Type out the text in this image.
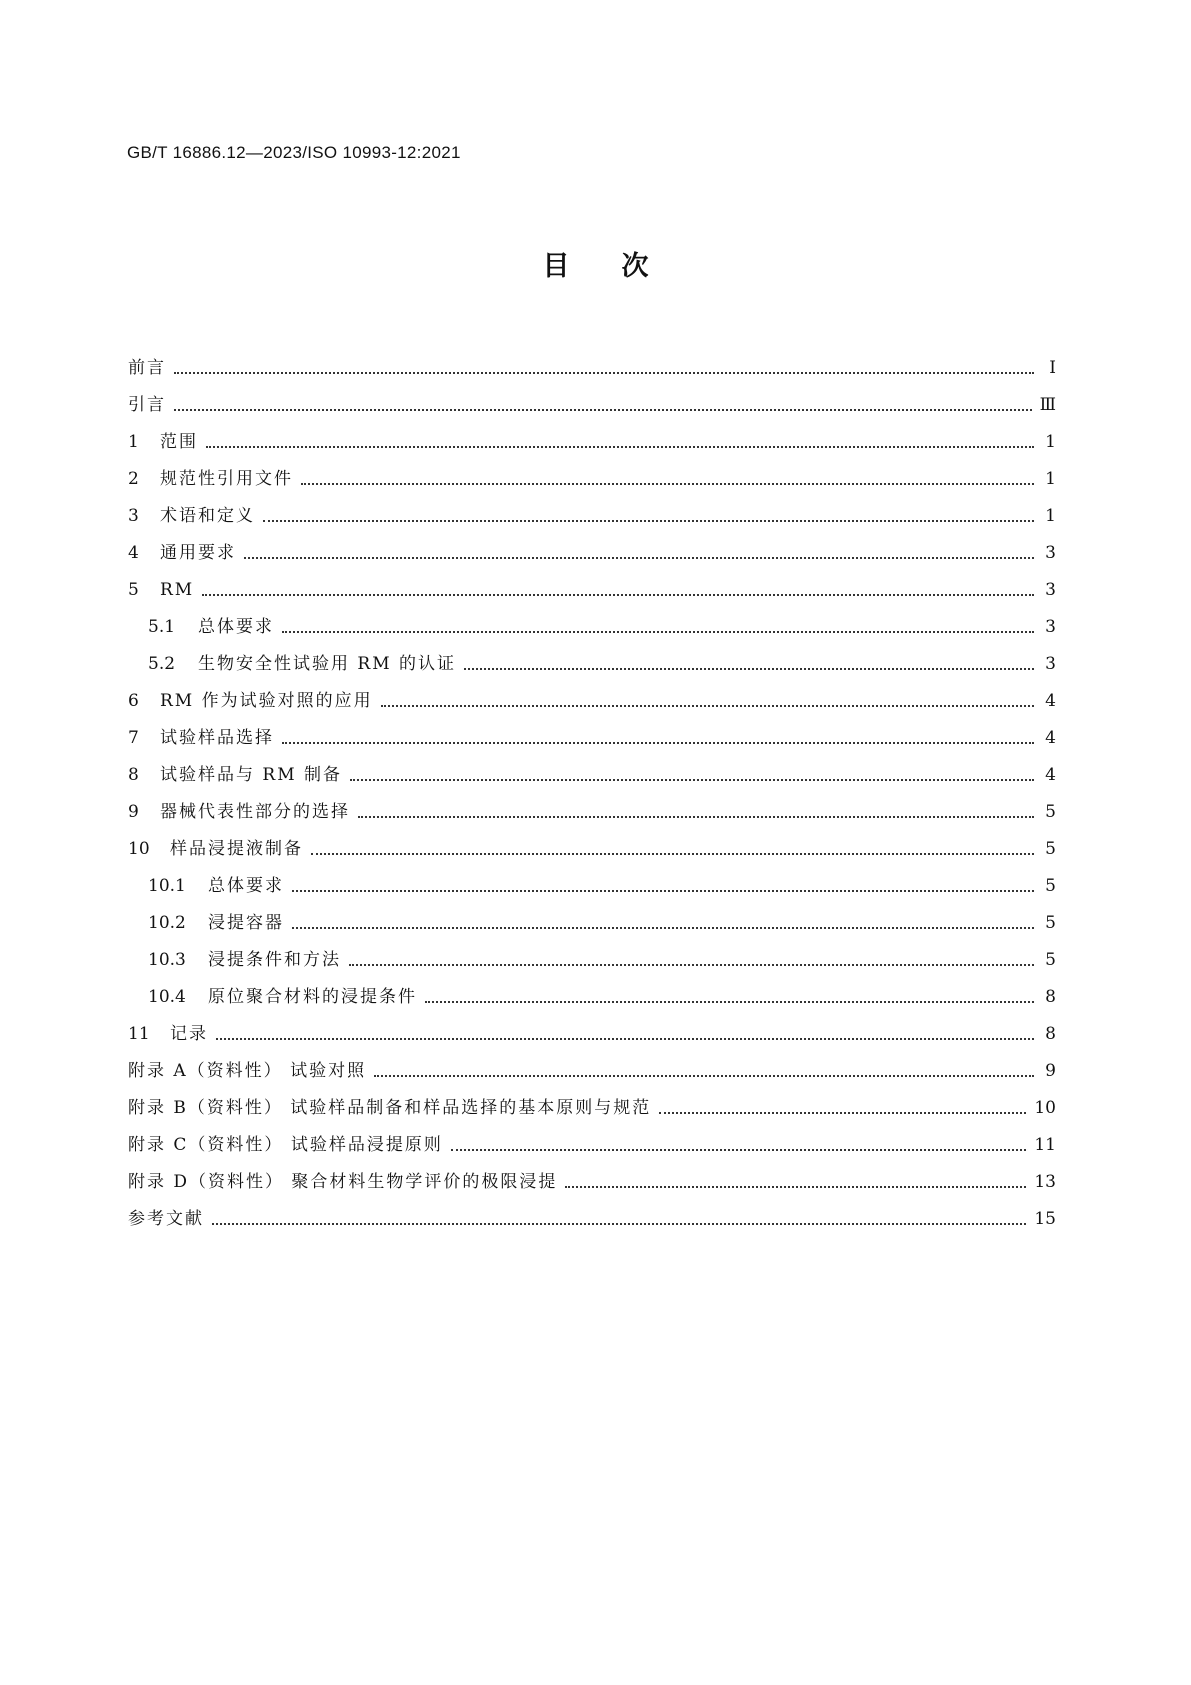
GB/T 16886.12—2023/ISO 10993-12:2021
目 次
前言	Ⅰ
引言	Ⅲ
1	范围	1
2	规范性引用文件	1
3	术语和定义	1
4	通用要求	3
5	RM	3
5.1	总体要求	3
5.2	生物安全性试验用 RM 的认证	3
6	RM 作为试验对照的应用	4
7	试验样品选择	4
8	试验样品与 RM 制备	4
9	器械代表性部分的选择	5
10	样品浸提液制备	5
10.1	总体要求	5
10.2	浸提容器	5
10.3	浸提条件和方法	5
10.4	原位聚合材料的浸提条件	8
11	记录	8
附录 A（资料性） 试验对照	9
附录 B（资料性） 试验样品制备和样品选择的基本原则与规范	10
附录 C（资料性） 试验样品浸提原则	11
附录 D（资料性） 聚合材料生物学评价的极限浸提	13
参考文献	15
